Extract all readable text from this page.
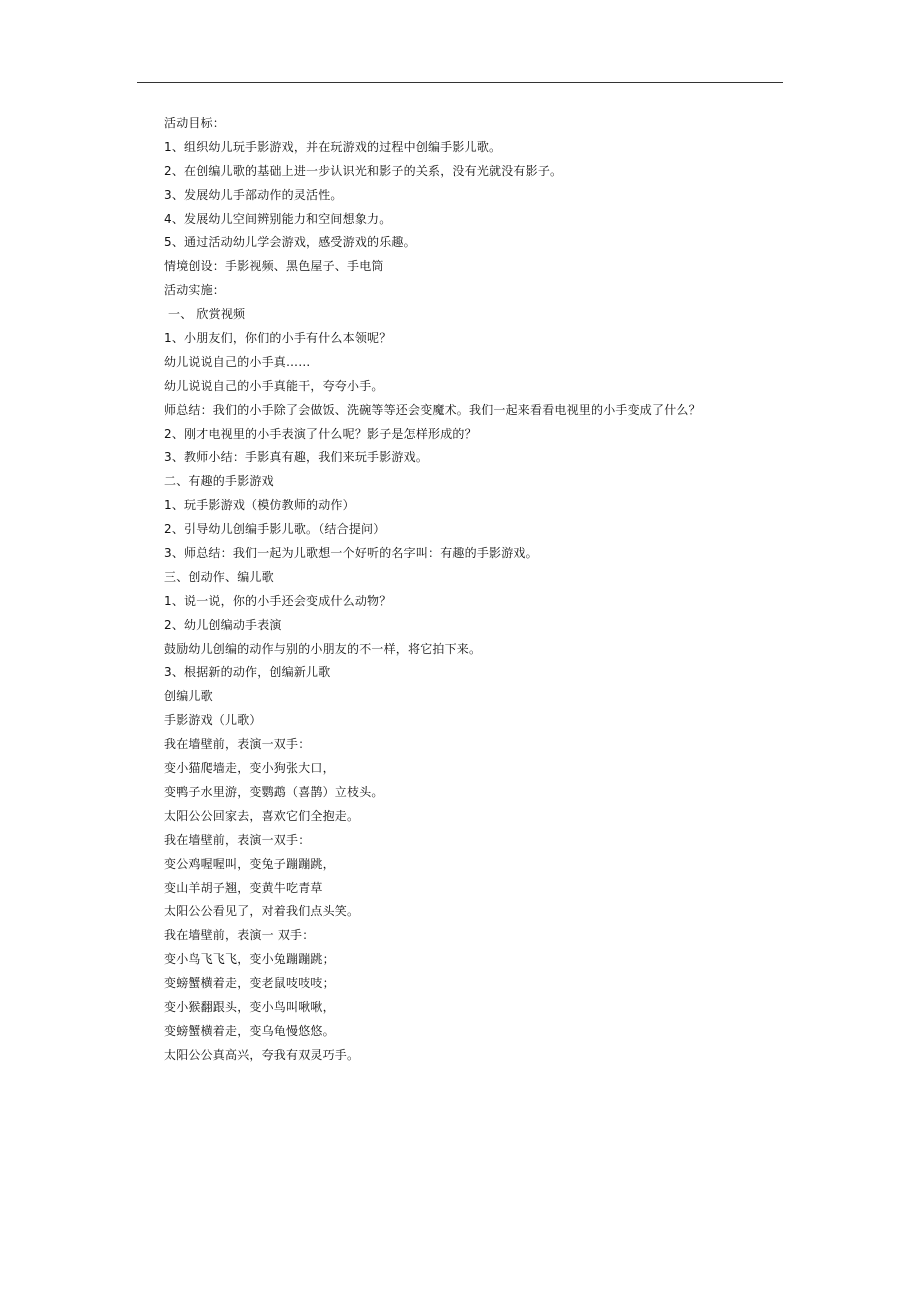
活动目标：
1、组织幼儿玩手影游戏，并在玩游戏的过程中创编手影儿歌。
2、在创编儿歌的基础上进一步认识光和影子的关系，没有光就没有影子。
3、发展幼儿手部动作的灵活性。
4、发展幼儿空间辨别能力和空间想象力。
5、通过活动幼儿学会游戏，感受游戏的乐趣。
情境创设：手影视频、黑色屋子、手电筒
活动实施：
一、 欣赏视频
1、小朋友们，你们的小手有什么本领呢？
幼儿说说自己的小手真……
幼儿说说自己的小手真能干，夸夸小手。
师总结：我们的小手除了会做饭、洗碗等等还会变魔术。我们一起来看看电视里的小手变成了什么？
2、刚才电视里的小手表演了什么呢？影子是怎样形成的？
3、教师小结：手影真有趣，我们来玩手影游戏。
二、有趣的手影游戏
1、玩手影游戏（模仿教师的动作）
2、引导幼儿创编手影儿歌。（结合提问）
3、师总结：我们一起为儿歌想一个好听的名字叫：有趣的手影游戏。
三、创动作、编儿歌
1、说一说，你的小手还会变成什么动物？
2、幼儿创编动手表演
鼓励幼儿创编的动作与别的小朋友的不一样，将它拍下来。
3、根据新的动作，创编新儿歌
创编儿歌
手影游戏（儿歌）
我在墙壁前，表演一双手：
变小猫爬墙走，变小狗张大口，
变鸭子水里游，变鹦鹉（喜鹊）立枝头。
太阳公公回家去，喜欢它们全抱走。
我在墙壁前，表演一双手：
变公鸡喔喔叫，变兔子蹦蹦跳，
变山羊胡子翘，变黄牛吃青草
太阳公公看见了，对着我们点头笑。
我在墙壁前，表演一 双手：
变小鸟飞飞飞，变小兔蹦蹦跳；
变螃蟹横着走，变老鼠吱吱吱；
变小猴翻跟头，变小鸟叫啾啾，
变螃蟹横着走，变乌龟慢悠悠。
太阳公公真高兴，夸我有双灵巧手。
